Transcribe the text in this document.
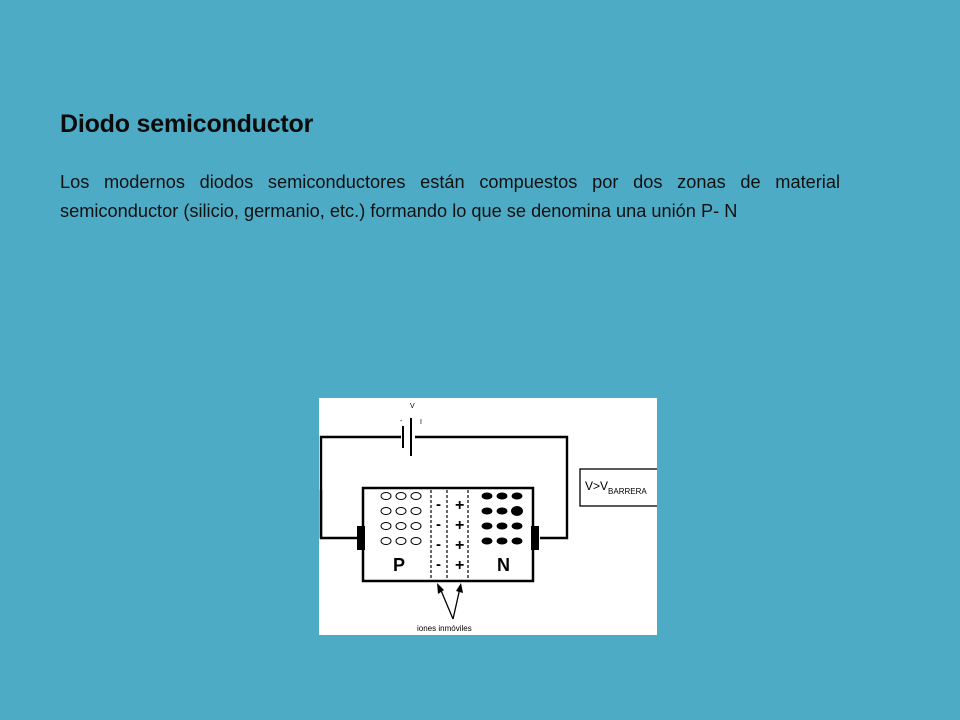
Diodo semiconductor

Los modernos diodos semiconductores están compuestos por dos zonas de material semiconductor (silicio, germanio, etc.) formando lo que se denomina una unión P- N

V
-	I
-
-
-
-
+
+
+
+
P	N
$V>V_{BARRERA}$
iones inmóviles
